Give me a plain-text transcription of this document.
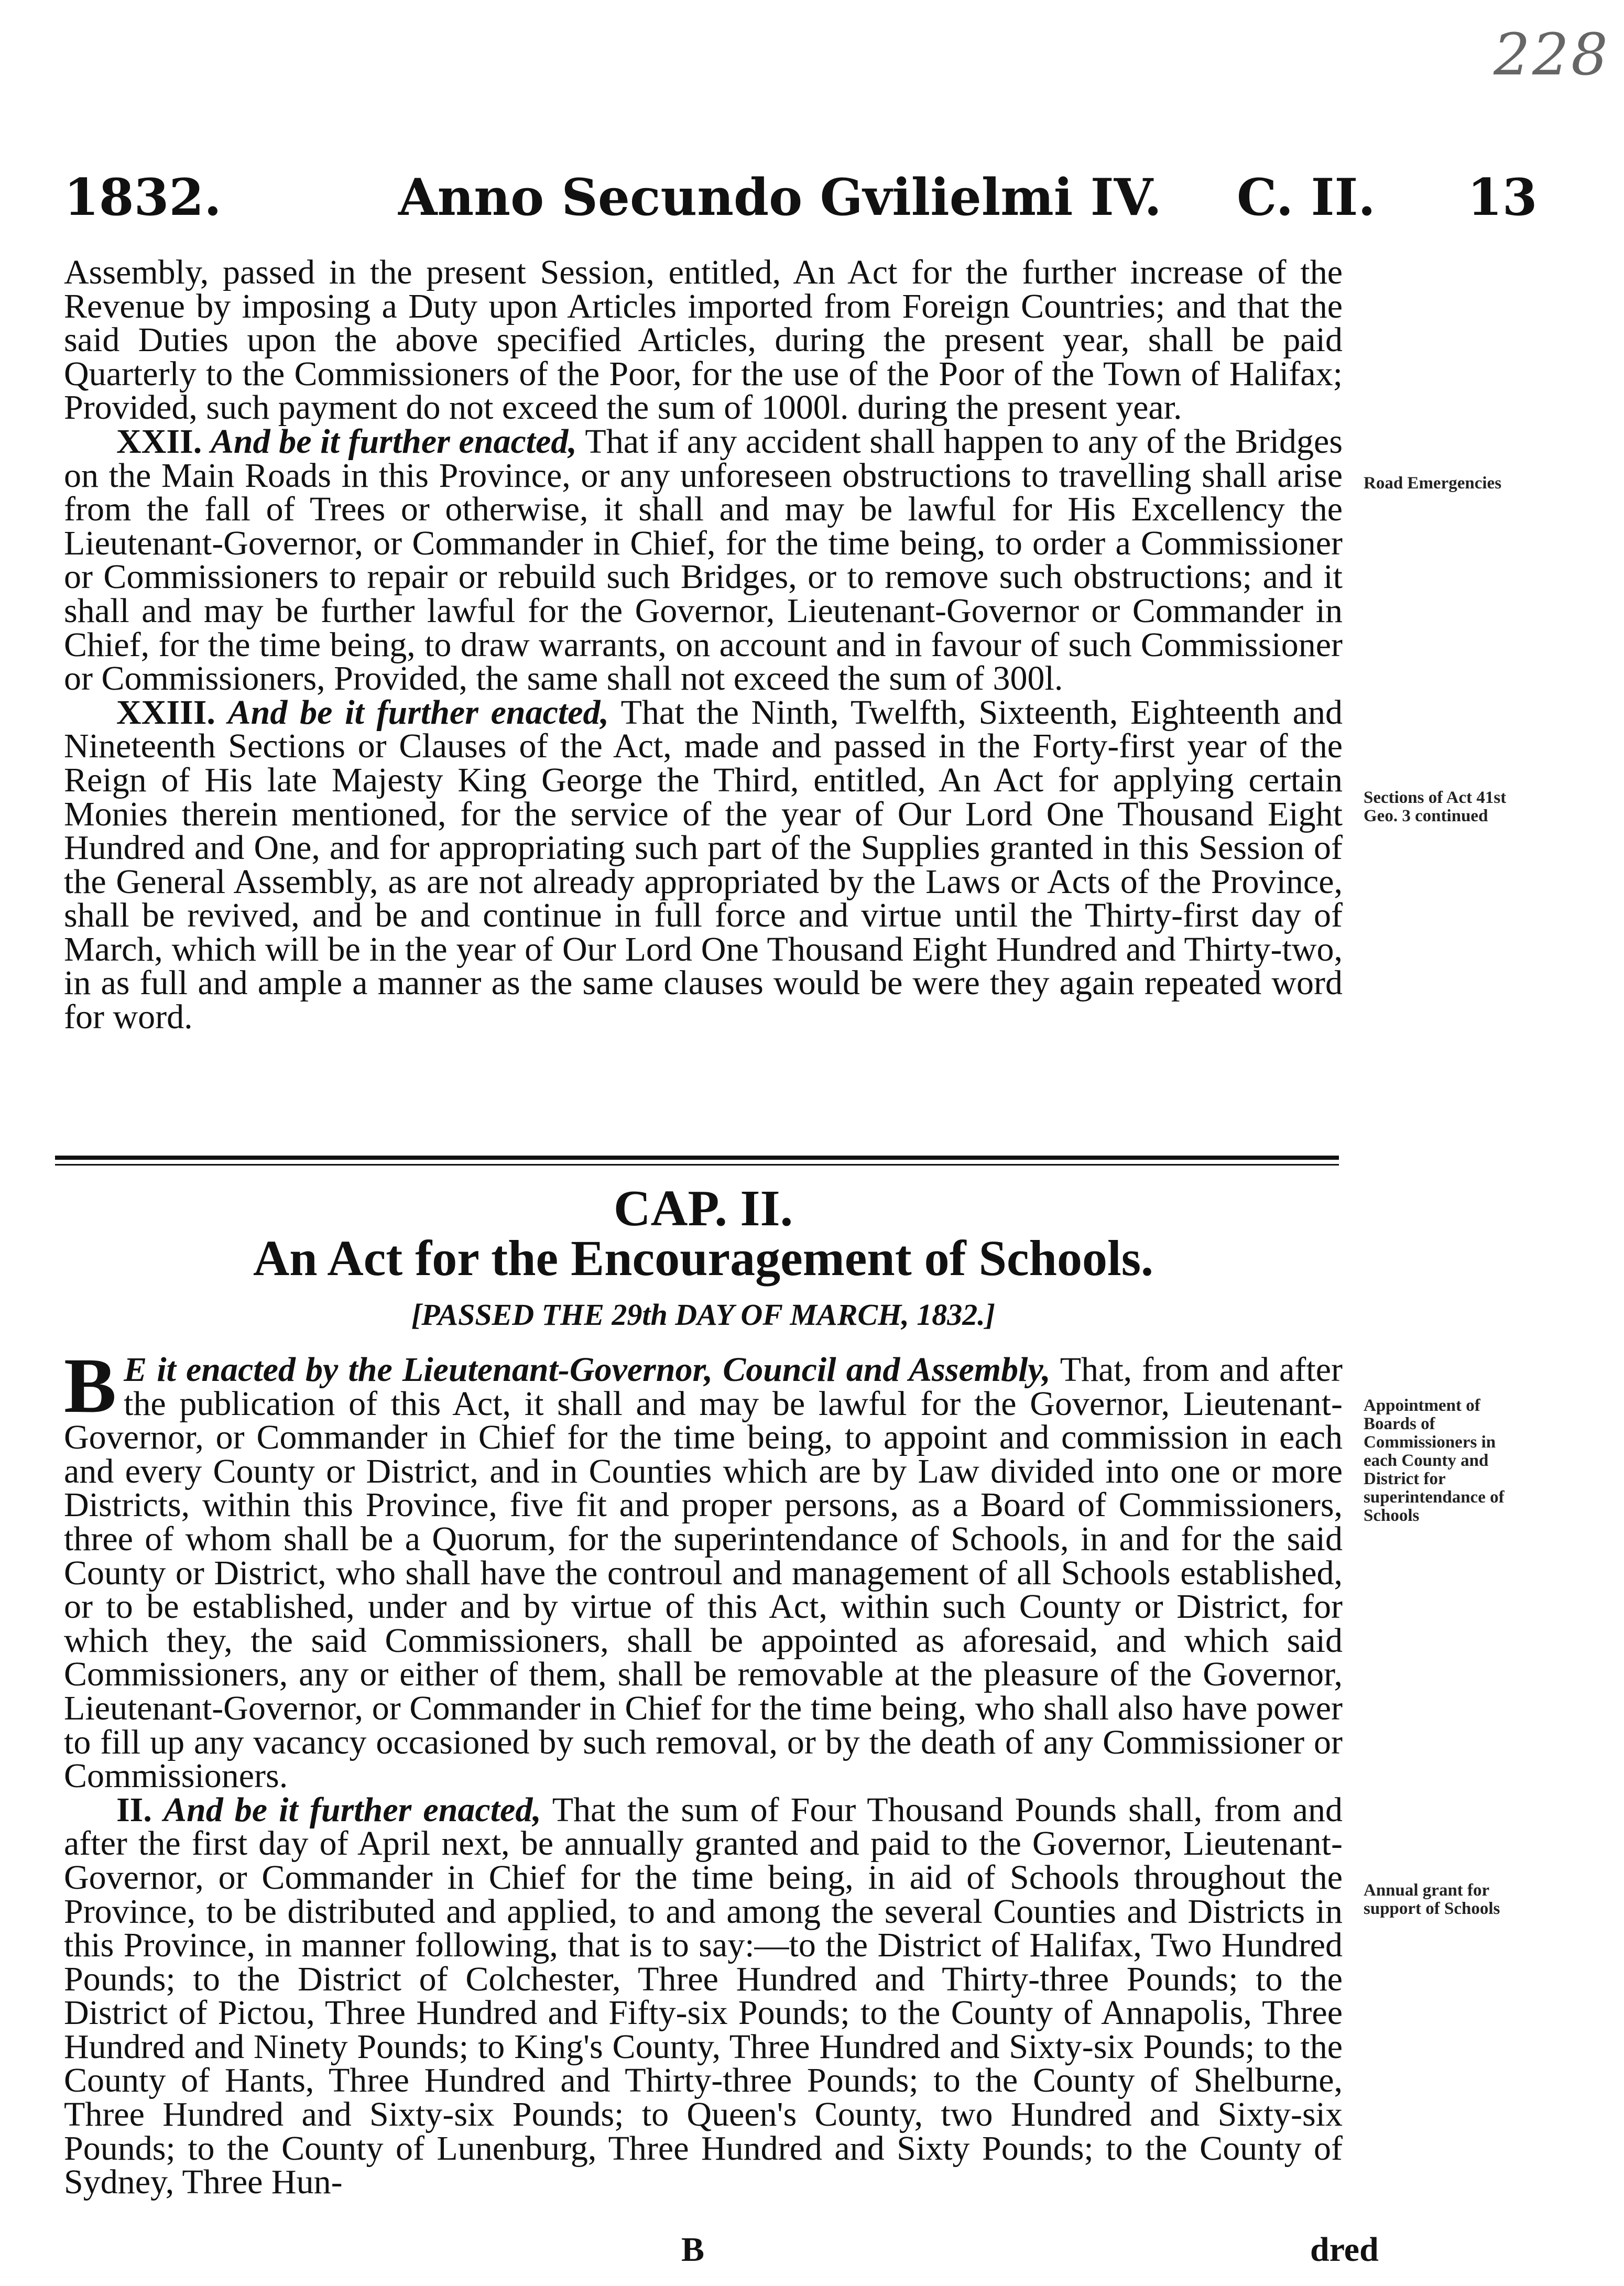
228
1832.	Anno Secundo Gvilielmi IV. C. II. 13

Assembly, passed in the present Session, entitled, An Act for the further increase of the Revenue by imposing a Duty upon Articles imported from Foreign Countries; and that the said Duties upon the above specified Articles, during the present year, shall be paid Quarterly to the Commissioners of the Poor, for the use of the Poor of the Town of Halifax; Provided, such payment do not exceed the sum of 1000l. during the present year.

XXII. And be it further enacted, That if any accident shall happen to any of the Bridges on the Main Roads in this Province, or any unforeseen obstructions to travelling shall arise from the fall of Trees or otherwise, it shall and may be lawful for His Excellency the Lieutenant-Governor, or Commander in Chief, for the time being, to order a Commissioner or Commissioners to repair or rebuild such Bridges, or to remove such obstructions; and it shall and may be further lawful for the Governor, Lieutenant-Governor or Commander in Chief, for the time being, to draw warrants, on account and in favour of such Commissioner or Commissioners, Provided, the same shall not exceed the sum of 300l.

XXIII. And be it further enacted, That the Ninth, Twelfth, Sixteenth, Eighteenth and Nineteenth Sections or Clauses of the Act, made and passed in the Forty-first year of the Reign of His late Majesty King George the Third, entitled, An Act for applying certain Monies therein mentioned, for the service of the year of Our Lord One Thousand Eight Hundred and One, and for appropriating such part of the Supplies granted in this Session of the General Assembly, as are not already appropriated by the Laws or Acts of the Province, shall be revived, and be and continue in full force and virtue until the Thirty-first day of March, which will be in the year of Our Lord One Thousand Eight Hundred and Thirty-two, in as full and ample a manner as the same clauses would be were they again repeated word for word.

Road Emergencies
Sections of Act 41st Geo. 3 continued
CAP. II.
An Act for the Encouragement of Schools.
[PASSED THE 29th DAY OF MARCH, 1832.]

B E it enacted by the Lieutenant-Governor, Council and Assembly, That, from and after the publication of this Act, it shall and may be lawful for the Governor, Lieutenant-Governor, or Commander in Chief for the time being, to appoint and commission in each and every County or District, and in Counties which are by Law divided into one or more Districts, within this Province, five fit and proper persons, as a Board of Commissioners, three of whom shall be a Quorum, for the superintendance of Schools, in and for the said County or District, who shall have the controul and management of all Schools established, or to be established, under and by virtue of this Act, within such County or District, for which they, the said Commissioners, shall be appointed as aforesaid, and which said Commissioners, any or either of them, shall be removable at the pleasure of the Governor, Lieutenant-Governor, or Commander in Chief for the time being, who shall also have power to fill up any vacancy occasioned by such removal, or by the death of any Commissioner or Commissioners.

II. And be it further enacted, That the sum of Four Thousand Pounds shall, from and after the first day of April next, be annually granted and paid to the Governor, Lieutenant-Governor, or Commander in Chief for the time being, in aid of Schools throughout the Province, to be distributed and applied, to and among the several Counties and Districts in this Province, in manner following, that is to say:—to the District of Halifax, Two Hundred Pounds; to the District of Colchester, Three Hundred and Thirty-three Pounds; to the District of Pictou, Three Hundred and Fifty-six Pounds; to the County of Annapolis, Three Hundred and Ninety Pounds; to King's County, Three Hundred and Sixty-six Pounds; to the County of Hants, Three Hundred and Thirty-three Pounds; to the County of Shelburne, Three Hundred and Sixty-six Pounds; to Queen's County, two Hundred and Sixty-six Pounds; to the County of Lunenburg, Three Hundred and Sixty Pounds; to the County of Sydney, Three Hun-

Appointment of Boards of Commissioners in each County and District for superintendance of Schools
Annual grant for support of Schools
B	dred
